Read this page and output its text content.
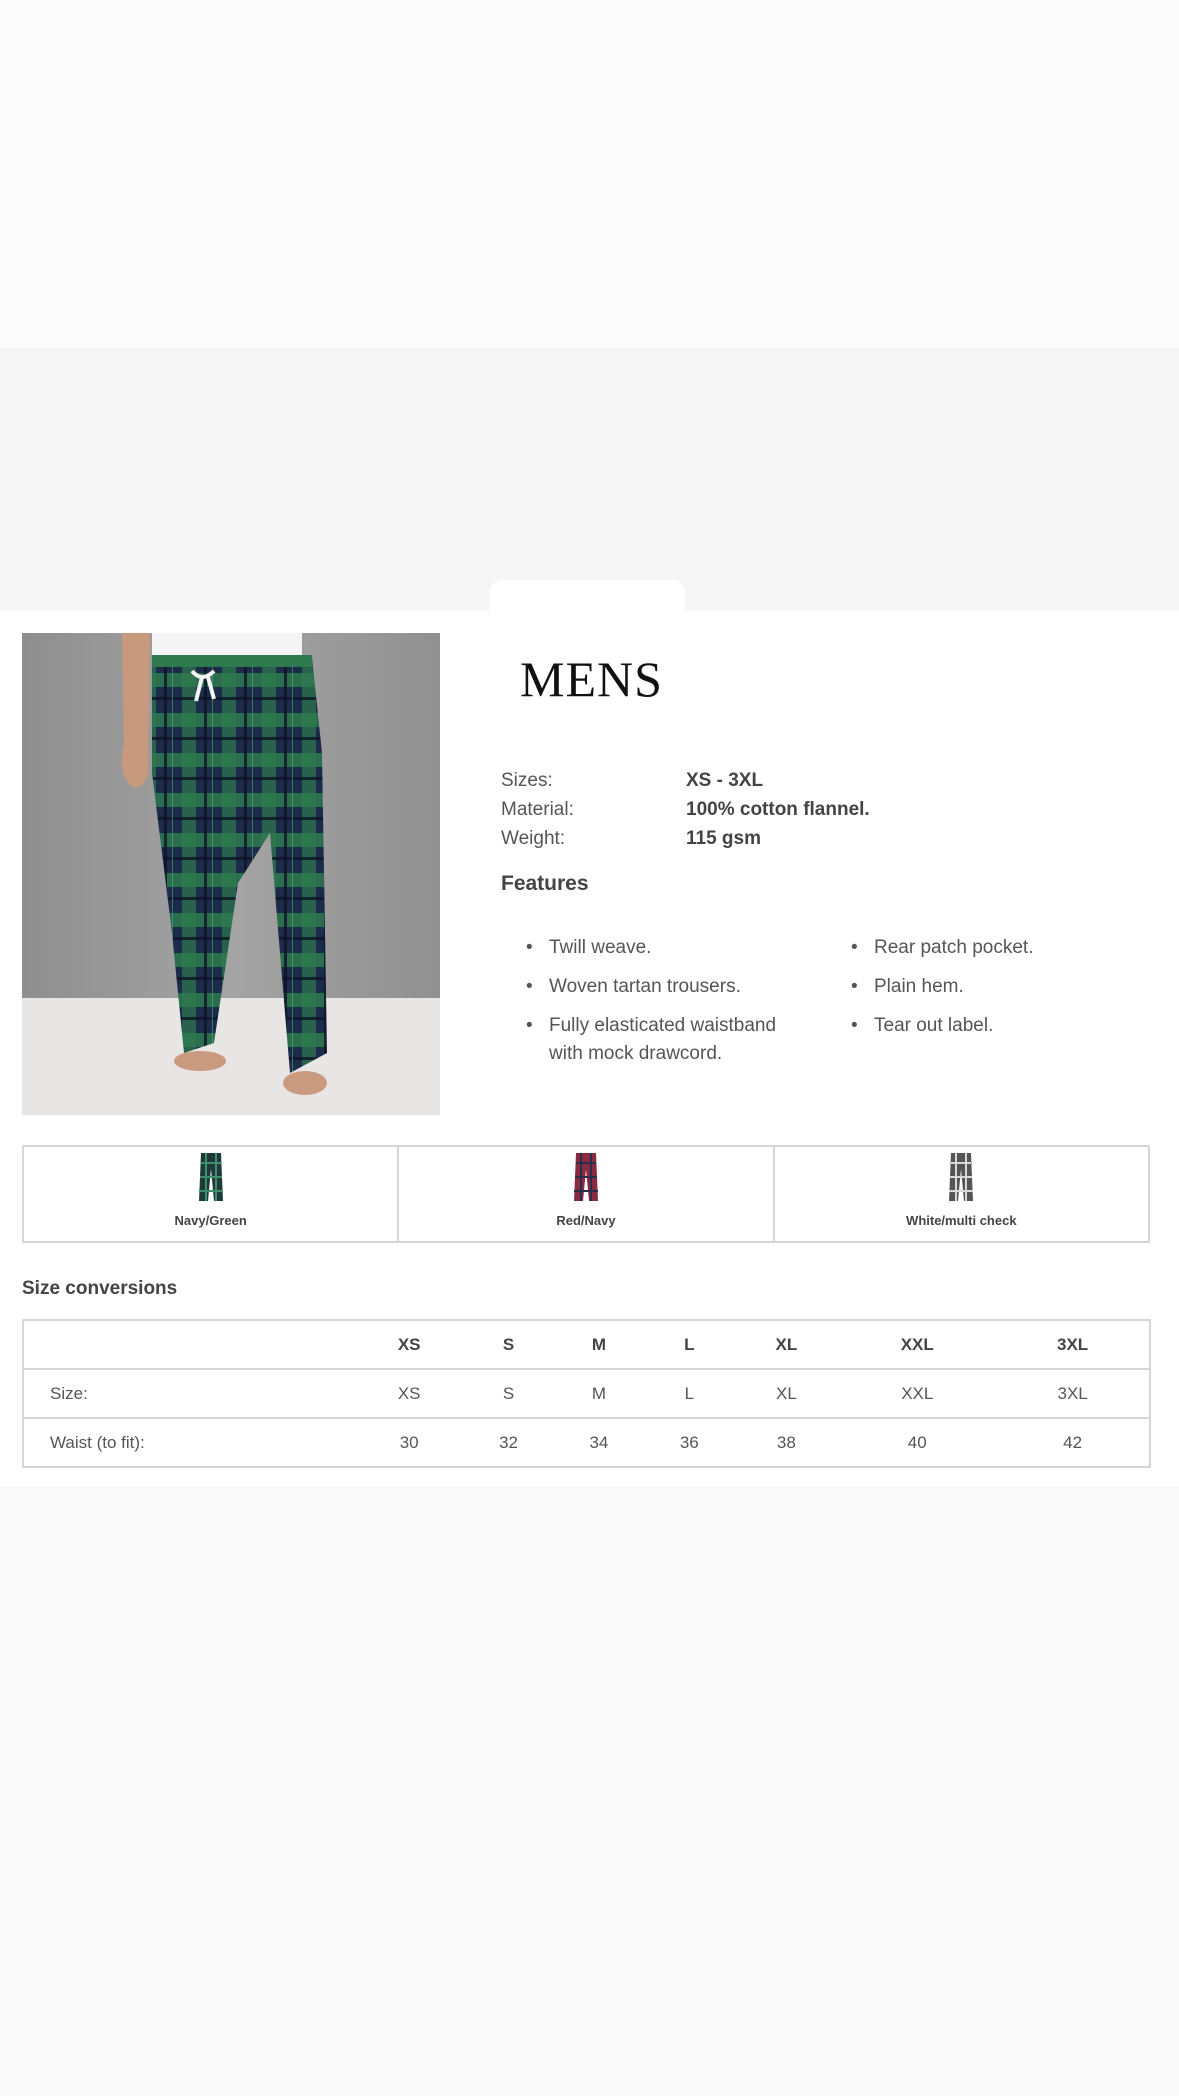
MENS
Sizes:	XS - 3XL
Material:	100% cotton flannel.
Weight:	115 gsm
Features
• Twill weave.
• Woven tartan trousers.
• Fully elasticated waistband with mock drawcord.
• Rear patch pocket.
• Plain hem.
• Tear out label.
Navy/Green	Red/Navy	White/multi check
Size conversions
	XS	S	M	L	XL	XXL	3XL
Size:	XS	S	M	L	XL	XXL	3XL
Waist (to fit):	30	32	34	36	38	40	42
